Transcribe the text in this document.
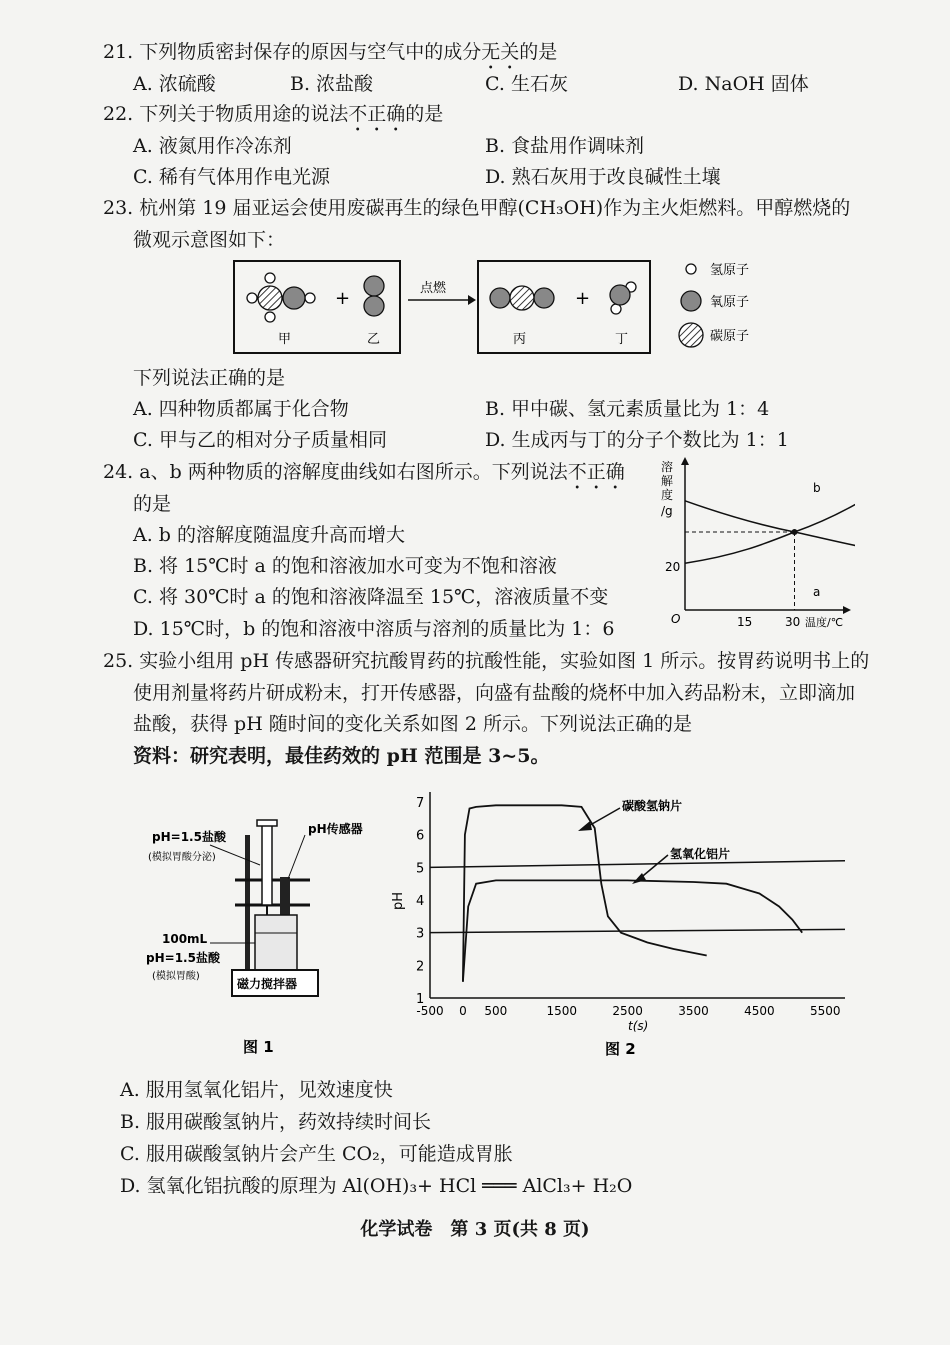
21. 下列物质密封保存的原因与空气中的成分无关的是
A. 浓硫酸	B. 浓盐酸	C. 生石灰	D. NaOH 固体
22. 下列关于物质用途的说法不正确的是
A. 液氮用作冷冻剂	B. 食盐用作调味剂
C. 稀有气体用作电光源	D. 熟石灰用于改良碱性土壤
23. 杭州第 19 届亚运会使用废碳再生的绿色甲醇(CH₃OH)作为主火炬燃料。甲醇燃烧的
微观示意图如下：
+
甲	乙
点燃	+
丙	丁
氢原子
氧原子
碳原子
下列说法正确的是
A. 四种物质都属于化合物	B. 甲中碳、氢元素质量比为 1：4
C. 甲与乙的相对分子质量相同	D. 生成丙与丁的分子个数比为 1：1
24. a、b 两种物质的溶解度曲线如右图所示。下列说法不正确
的是
A. b 的溶解度随温度升高而增大
B. 将 15℃时 a 的饱和溶液加水可变为不饱和溶液
C. 将 30℃时 a 的饱和溶液降温至 15℃，溶液质量不变
D. 15℃时，b 的饱和溶液中溶质与溶剂的质量比为 1：6
溶
解
度
/g
20
O	15	30 温度/℃
a
b
25. 实验小组用 pH 传感器研究抗酸胃药的抗酸性能，实验如图 1 所示。按胃药说明书上的
使用剂量将药片研成粉末，打开传感器，向盛有盐酸的烧杯中加入药品粉末，立即滴加
盐酸，获得 pH 随时间的变化关系如图 2 所示。下列说法正确的是
资料：研究表明，最佳药效的 pH 范围是 3~5。
pH=1.5盐酸
(模拟胃酸分泌)
pH传感器
100mL
pH=1.5盐酸
(模拟胃酸)
磁力搅拌器
图 1
7
6
5
4
3
2
1
-500 0 500	1500	2500	3500	4500	5500
pH
t(s)
碳酸氢钠片
氢氧化铝片
图 2
A. 服用氢氧化铝片，见效速度快
B. 服用碳酸氢钠片，药效持续时间长
C. 服用碳酸氢钠片会产生 CO₂，可能造成胃胀
D. 氢氧化铝抗酸的原理为 Al(OH)₃+ HCl ═══ AlCl₃+ H₂O
化学试卷　第 3 页(共 8 页)
